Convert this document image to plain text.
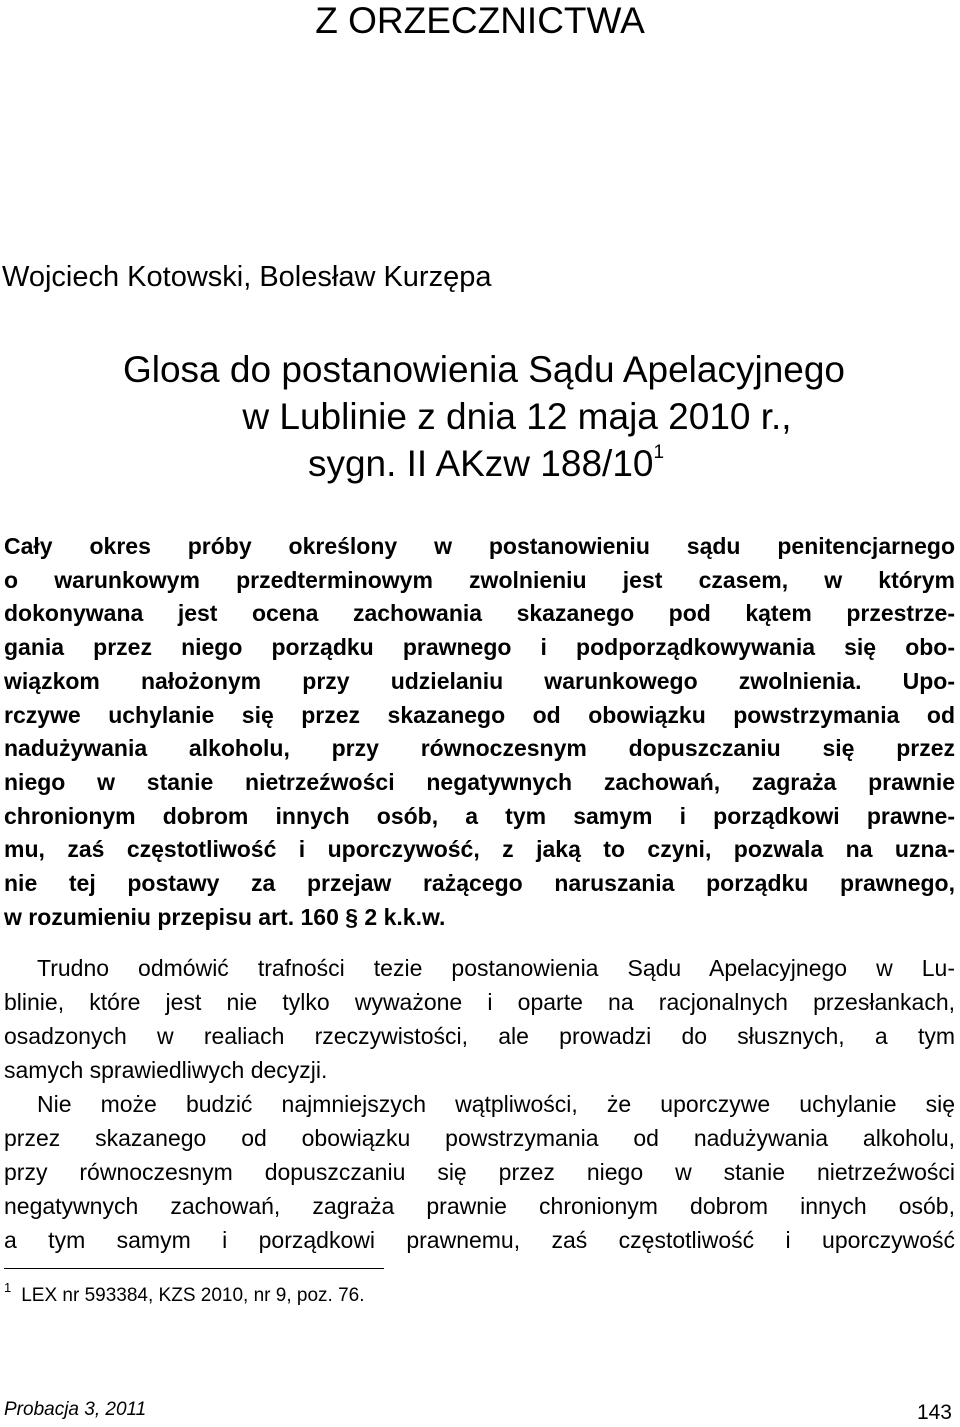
Z ORZECZNICTWA
Wojciech Kotowski, Bolesław Kurzępa
Glosa do postanowienia Sądu Apelacyjnego
w Lublinie z dnia 12 maja 2010 r.,
sygn. II AKzw $188/10^1$
Cały okres próby określony w postanowieniu sądu penitencjarnego
o warunkowym przedterminowym zwolnieniu jest czasem, w którym
dokonywana jest ocena zachowania skazanego pod kątem przestrze-
gania przez niego porządku prawnego i podporządkowywania się obo-
wiązkom nałożonym przy udzielaniu warunkowego zwolnienia. Upo-
rczywe uchylanie się przez skazanego od obowiązku powstrzymania od
nadużywania alkoholu, przy równoczesnym dopuszczaniu się przez
niego w stanie nietrzeźwości negatywnych zachowań, zagraża prawnie
chronionym dobrom innych osób, a tym samym i porządkowi prawne-
mu, zaś częstotliwość i uporczywość, z jaką to czyni, pozwala na uzna-
nie tej postawy za przejaw rażącego naruszania porządku prawnego,
w rozumieniu przepisu art. 160 § 2 k.k.w.
Trudno odmówić trafności tezie postanowienia Sądu Apelacyjnego w Lu-
blinie, które jest nie tylko wyważone i oparte na racjonalnych przesłankach,
osadzonych w realiach rzeczywistości, ale prowadzi do słusznych, a tym
samych sprawiedliwych decyzji.
Nie może budzić najmniejszych wątpliwości, że uporczywe uchylanie się
przez skazanego od obowiązku powstrzymania od nadużywania alkoholu,
przy równoczesnym dopuszczaniu się przez niego w stanie nietrzeźwości
negatywnych zachowań, zagraża prawnie chronionym dobrom innych osób,
a tym samym i porządkowi prawnemu, zaś częstotliwość i uporczywość
$^1$ LEX nr 593384, KZS 2010, nr 9, poz. 76.
Probacja 3, 2011	143
